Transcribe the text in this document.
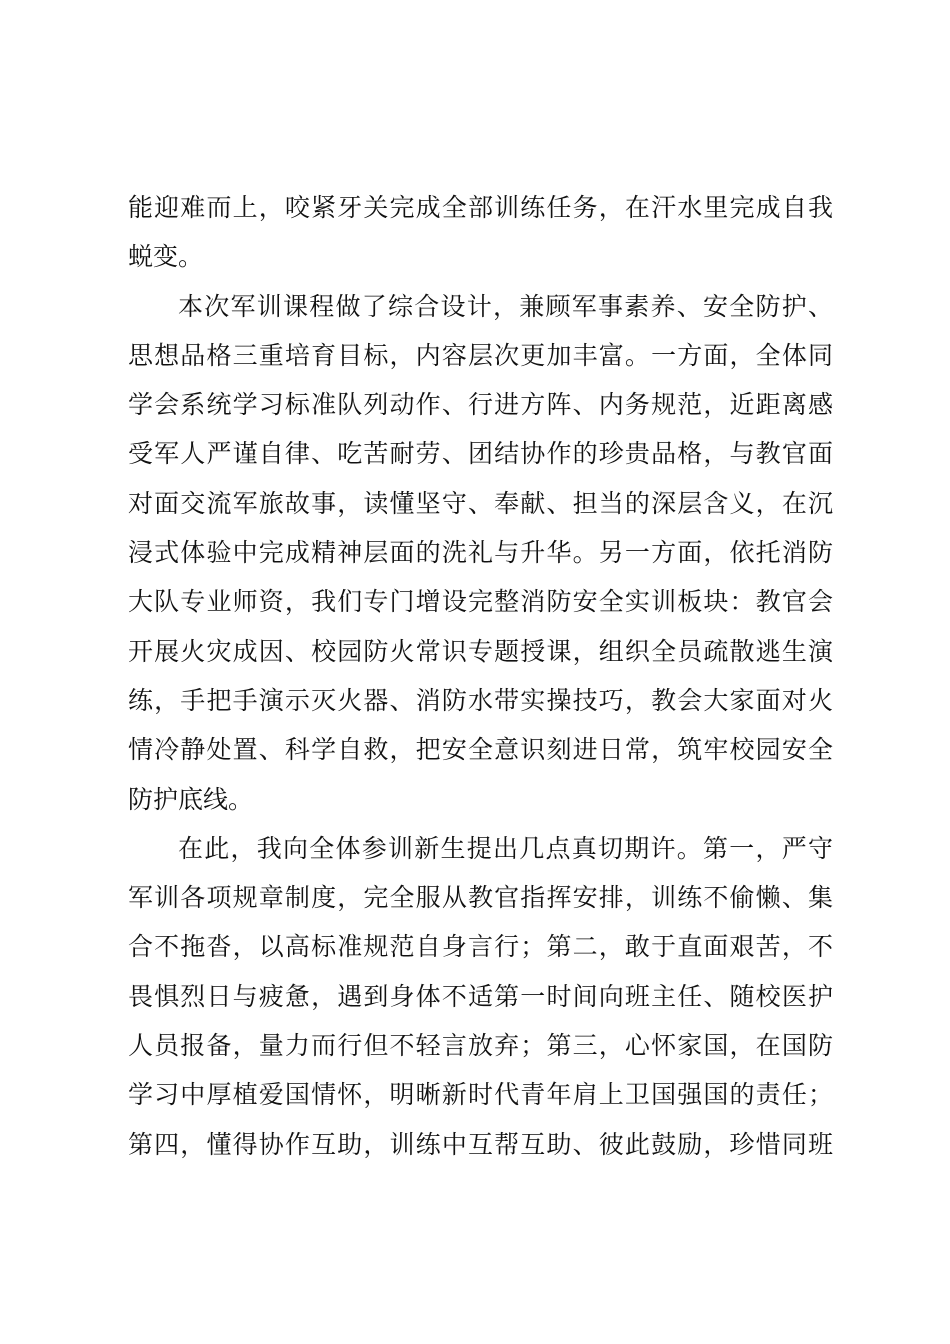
能迎难而上，咬紧牙关完成全部训练任务，在汗水里完成自我
蜕变。
本次军训课程做了综合设计，兼顾军事素养、安全防护、
思想品格三重培育目标，内容层次更加丰富。一方面，全体同
学会系统学习标准队列动作、行进方阵、内务规范，近距离感
受军人严谨自律、吃苦耐劳、团结协作的珍贵品格，与教官面
对面交流军旅故事，读懂坚守、奉献、担当的深层含义，在沉
浸式体验中完成精神层面的洗礼与升华。另一方面，依托消防
大队专业师资，我们专门增设完整消防安全实训板块：教官会
开展火灾成因、校园防火常识专题授课，组织全员疏散逃生演
练，手把手演示灭火器、消防水带实操技巧，教会大家面对火
情冷静处置、科学自救，把安全意识刻进日常，筑牢校园安全
防护底线。
在此，我向全体参训新生提出几点真切期许。第一，严守
军训各项规章制度，完全服从教官指挥安排，训练不偷懒、集
合不拖沓，以高标准规范自身言行；第二，敢于直面艰苦，不
畏惧烈日与疲惫，遇到身体不适第一时间向班主任、随校医护
人员报备，量力而行但不轻言放弃；第三，心怀家国，在国防
学习中厚植爱国情怀，明晰新时代青年肩上卫国强国的责任；
第四，懂得协作互助，训练中互帮互助、彼此鼓励，珍惜同班
